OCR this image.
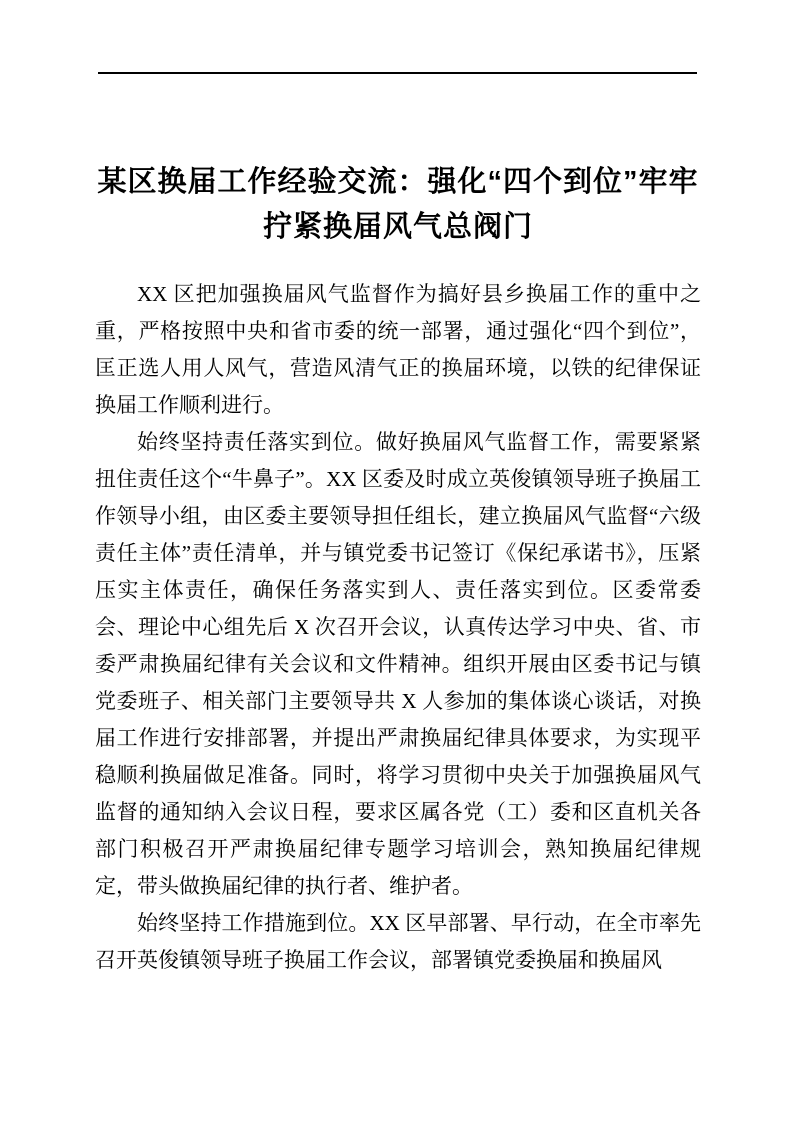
某区换届工作经验交流：强化“四个到位”牢牢
拧紧换届风气总阀门

XX 区把加强换届风气监督作为搞好县乡换届工作的重中之重，严格按照中央和省市委的统一部署，通过强化“四个到位”，匡正选人用人风气，营造风清气正的换届环境，以铁的纪律保证换届工作顺利进行。

始终坚持责任落实到位。做好换届风气监督工作，需要紧紧扭住责任这个“牛鼻子”。XX 区委及时成立英俊镇领导班子换届工作领导小组，由区委主要领导担任组长，建立换届风气监督“六级责任主体”责任清单，并与镇党委书记签订《保纪承诺书》，压紧压实主体责任，确保任务落实到人、责任落实到位。区委常委会、理论中心组先后 X 次召开会议，认真传达学习中央、省、市委严肃换届纪律有关会议和文件精神。组织开展由区委书记与镇党委班子、相关部门主要领导共 X 人参加的集体谈心谈话，对换届工作进行安排部署，并提出严肃换届纪律具体要求，为实现平稳顺利换届做足准备。同时，将学习贯彻中央关于加强换届风气监督的通知纳入会议日程，要求区属各党（工）委和区直机关各部门积极召开严肃换届纪律专题学习培训会，熟知换届纪律规定，带头做换届纪律的执行者、维护者。

始终坚持工作措施到位。XX 区早部署、早行动，在全市率先召开英俊镇领导班子换届工作会议，部署镇党委换届和换届风
